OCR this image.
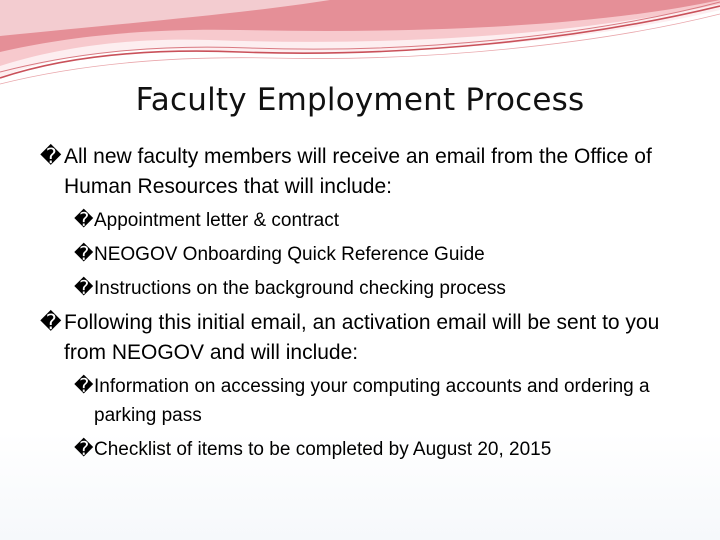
Faculty Employment Process

� All new faculty members will receive an email from the Office of Human Resources that will include:

� Appointment letter & contract

� NEOGOV Onboarding Quick Reference Guide

� Instructions on the background checking process

� Following this initial email, an activation email will be sent to you from NEOGOV and will include:

� Information on accessing your computing accounts and ordering a parking pass

� Checklist of items to be completed by August 20, 2015
